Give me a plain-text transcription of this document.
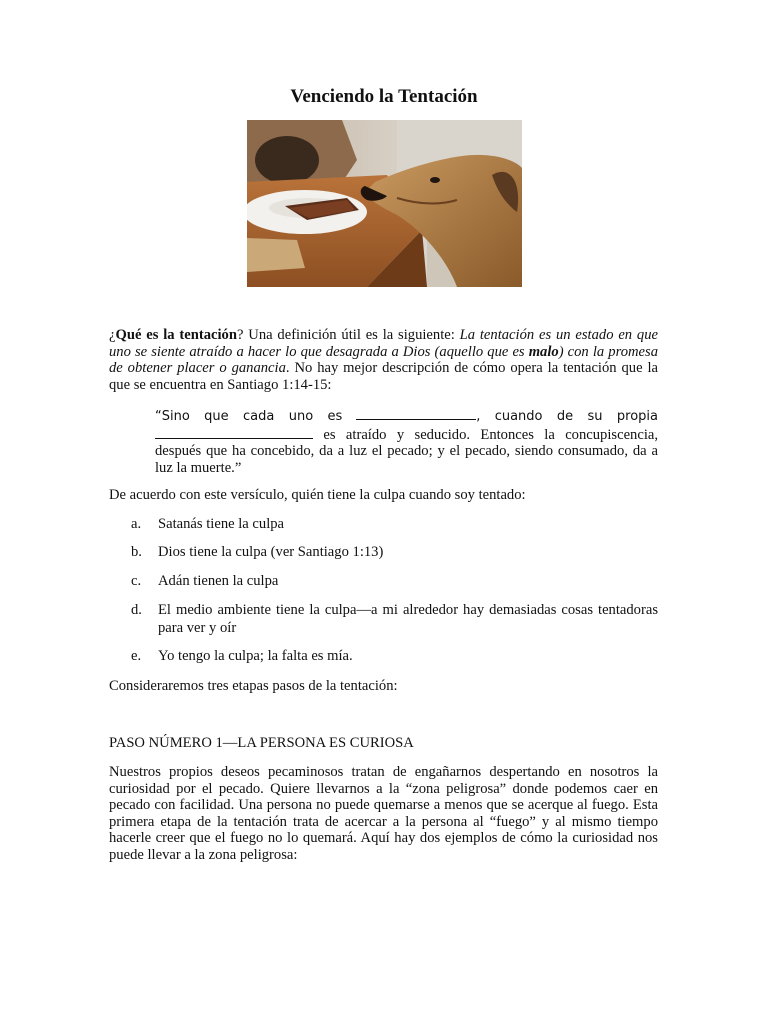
Venciendo la Tentación
¿Qué es la tentación? Una definición útil es la siguiente: La tentación es un estado en que uno se siente atraído a hacer lo que desagrada a Dios (aquello que es malo) con la promesa de obtener placer o ganancia. No hay mejor descripción de cómo opera la tentación que la que se encuentra en Santiago 1:14-15:
“Sino que cada uno es	, cuando de su propia  es atraído y seducido. Entonces la concupiscencia, después que ha concebido, da a luz el pecado; y el pecado, siendo consumado, da a luz la muerte.”
De acuerdo con este versículo, quién tiene la culpa cuando soy tentado:
a. Satanás tiene la culpa
b. Dios tiene la culpa (ver Santiago 1:13)
c. Adán tienen la culpa
d. El medio ambiente tiene la culpa—a mi alrededor hay demasiadas cosas tentadoras para ver y oír
e. Yo tengo la culpa; la falta es mía.
Consideraremos tres etapas pasos de la tentación:
PASO NÚMERO 1—LA PERSONA ES CURIOSA
Nuestros propios deseos pecaminosos tratan de engañarnos despertando en nosotros la curiosidad por el pecado. Quiere llevarnos a la “zona peligrosa” donde podemos caer en pecado con facilidad. Una persona no puede quemarse a menos que se acerque al fuego. Esta primera etapa de la tentación trata de acercar a la persona al “fuego” y al mismo tiempo hacerle creer que el fuego no lo quemará. Aquí hay dos ejemplos de cómo la curiosidad nos puede llevar a la zona peligrosa:
